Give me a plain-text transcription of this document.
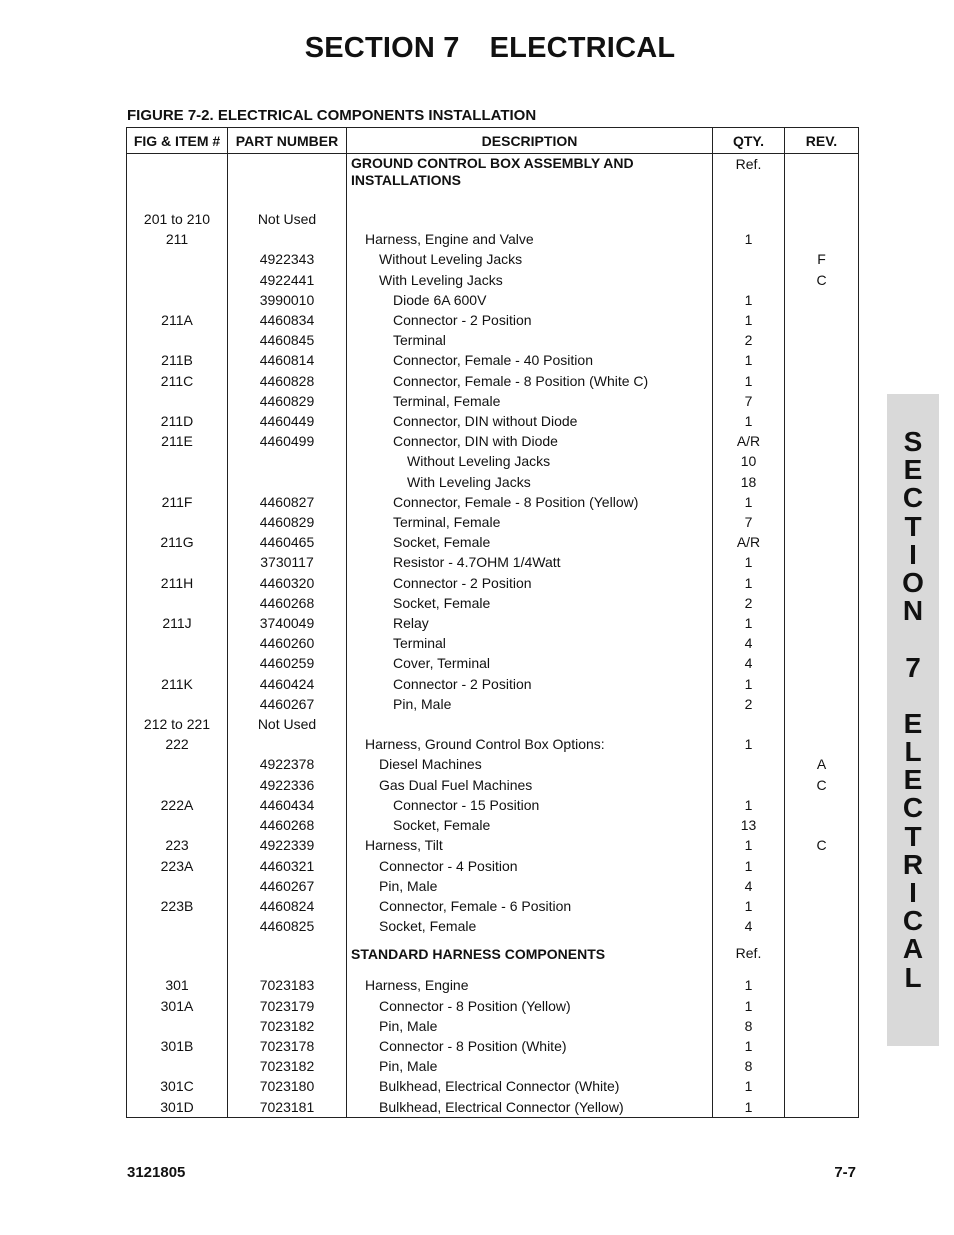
SECTION 7 ELECTRICAL
FIGURE 7-2. ELECTRICAL COMPONENTS INSTALLATION
FIG & ITEM #	PART NUMBER	DESCRIPTION	QTY.	REV.
		GROUND CONTROL BOX ASSEMBLY AND INSTALLATIONS	Ref.	
201 to 210	Not Used			
211		Harness, Engine and Valve	1	
	4922343	Without Leveling Jacks		F
	4922441	With Leveling Jacks		C
	3990010	Diode 6A 600V	1	
211A	4460834	Connector - 2 Position	1	
	4460845	Terminal	2	
211B	4460814	Connector, Female - 40 Position	1	
211C	4460828	Connector, Female - 8 Position (White C)	1	
	4460829	Terminal, Female	7	
211D	4460449	Connector, DIN without Diode	1	
211E	4460499	Connector, DIN with Diode	A/R	
		Without Leveling Jacks	10	
		With Leveling Jacks	18	
211F	4460827	Connector, Female - 8 Position (Yellow)	1	
	4460829	Terminal, Female	7	
211G	4460465	Socket, Female	A/R	
	3730117	Resistor - 4.7OHM 1/4Watt	1	
211H	4460320	Connector - 2 Position	1	
	4460268	Socket, Female	2	
211J	3740049	Relay	1	
	4460260	Terminal	4	
	4460259	Cover, Terminal	4	
211K	4460424	Connector - 2 Position	1	
	4460267	Pin, Male	2	
212 to 221	Not Used			
222		Harness, Ground Control Box Options:	1	
	4922378	Diesel Machines		A
	4922336	Gas Dual Fuel Machines		C
222A	4460434	Connector - 15 Position	1	
	4460268	Socket, Female	13	
223	4922339	Harness, Tilt	1	C
223A	4460321	Connector - 4 Position	1	
	4460267	Pin, Male	4	
223B	4460824	Connector, Female - 6 Position	1	
	4460825	Socket, Female	4	
		STANDARD HARNESS COMPONENTS	Ref.	
301	7023183	Harness, Engine	1	
301A	7023179	Connector - 8 Position (Yellow)	1	
	7023182	Pin, Male	8	
301B	7023178	Connector - 8 Position (White)	1	
	7023182	Pin, Male	8	
301C	7023180	Bulkhead, Electrical Connector (White)	1	
301D	7023181	Bulkhead, Electrical Connector (Yellow)	1	
S
E
C
T
I
O
N
7
E
L
E
C
T
R
I
C
A
L
3121805	7-7
